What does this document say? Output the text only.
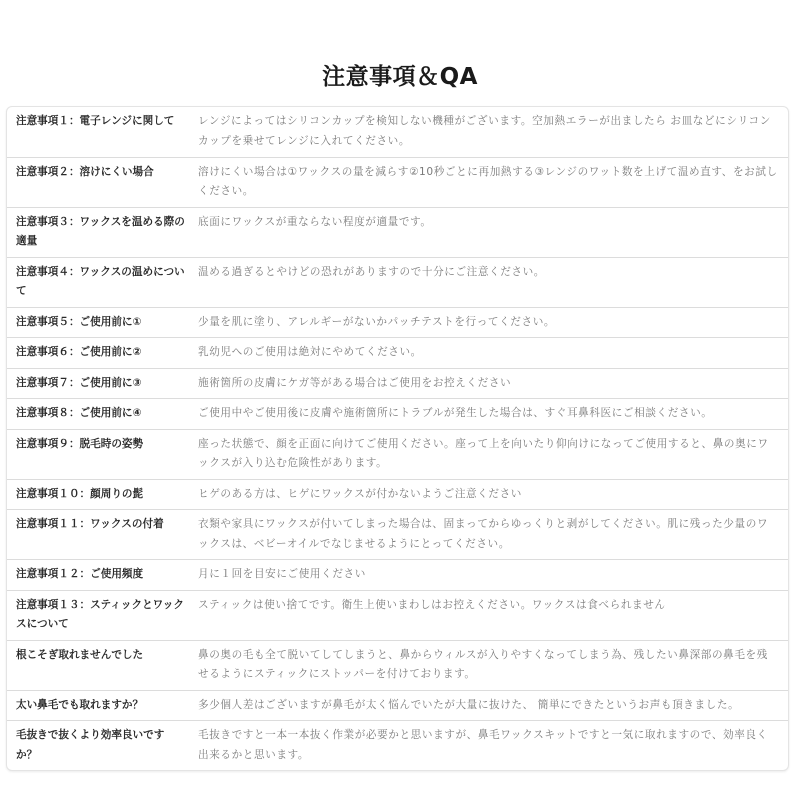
注意事項＆QA
注意事項１：電子レンジに関して	レンジによってはシリコンカップを検知しない機種がございます。空加熱エラーが出ましたら お皿などにシリコンカップを乗せてレンジに入れてください。
注意事項２：溶けにくい場合	溶けにくい場合は①ワックスの量を減らす②10秒ごとに再加熱する③レンジのワット数を上げて温め直す、をお試しください。
注意事項３：ワックスを温める際の適量	底面にワックスが重ならない程度が適量です。
注意事項４：ワックスの温めについて	温める過ぎるとやけどの恐れがありますので十分にご注意ください。
注意事項５：ご使用前に①	少量を肌に塗り、アレルギーがないかパッチテストを行ってください。
注意事項６：ご使用前に②	乳幼児へのご使用は絶対にやめてください。
注意事項７：ご使用前に③	施術箇所の皮膚にケガ等がある場合はご使用をお控えください
注意事項８：ご使用前に④	ご使用中やご使用後に皮膚や施術箇所にトラブルが発生した場合は、すぐ耳鼻科医にご相談ください。
注意事項９：脱毛時の姿勢	座った状態で、顔を正面に向けてご使用ください。座って上を向いたり仰向けになってご使用すると、鼻の奥にワックスが入り込む危険性があります。
注意事項１０：顔周りの髭	ヒゲのある方は、ヒゲにワックスが付かないようご注意ください
注意事項１１：ワックスの付着	衣類や家具にワックスが付いてしまった場合は、固まってからゆっくりと剥がしてください。肌に残った少量のワックスは、ベビーオイルでなじませるようにとってください。
注意事項１２：ご使用頻度	月に１回を目安にご使用ください
注意事項１３：スティックとワックスについて	スティックは使い捨てです。衛生上使いまわしはお控えください。ワックスは食べられません
根こそぎ取れませんでした	鼻の奥の毛も全て脱いてしてしまうと、鼻からウィルスが入りやすくなってしまう為、残したい鼻深部の鼻毛を残せるようにスティックにストッパーを付けております。
太い鼻毛でも取れますか？	多少個人差はございますが鼻毛が太く悩んでいたが大量に抜けた、 簡単にできたというお声も頂きました。
毛抜きで抜くより効率良いですか？	毛抜きですと一本一本抜く作業が必要かと思いますが、鼻毛ワックスキットですと一気に取れますので、効率良く出来るかと思います。
